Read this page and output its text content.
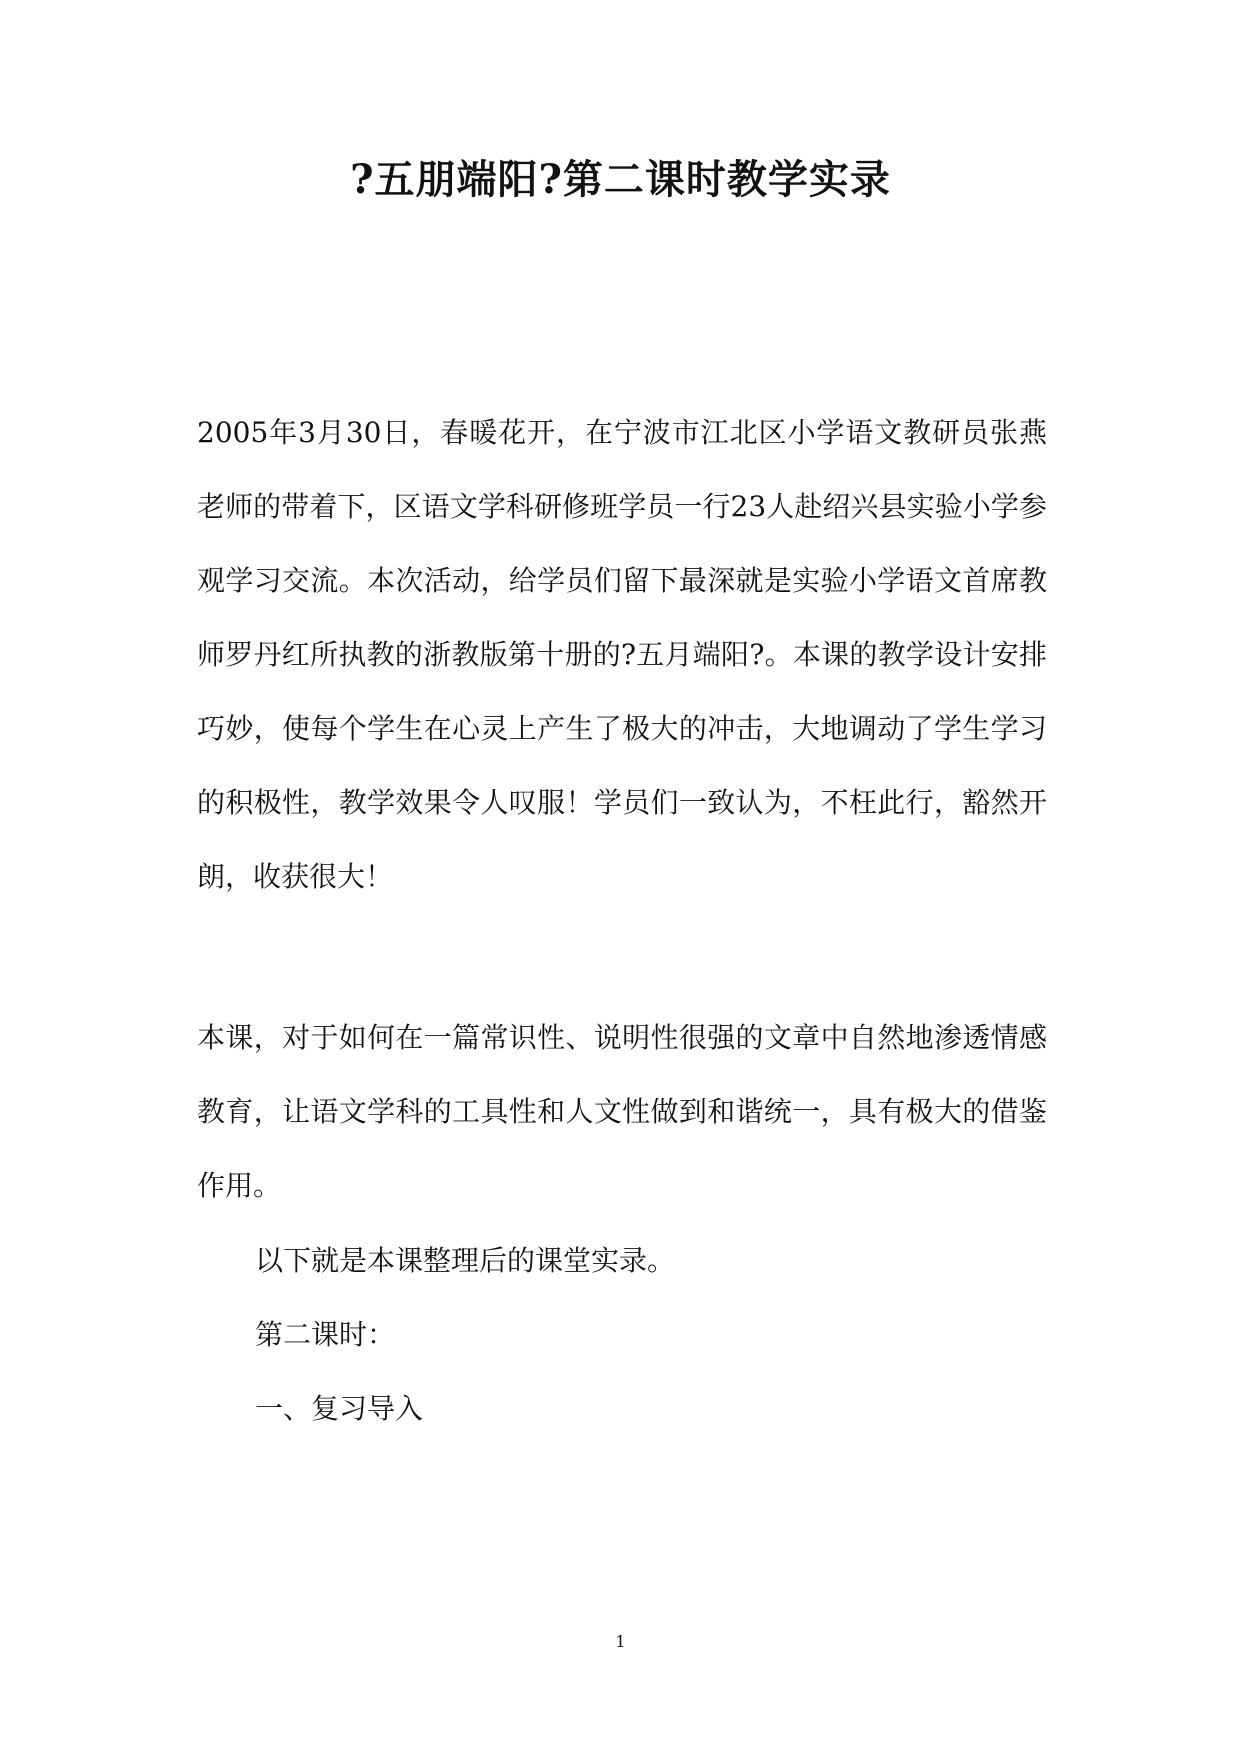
?五朋端阳?第二课时教学实录

2005年3月30日，春暖花开，在宁波市江北区小学语文教研员张燕老师的带着下，区语文学科研修班学员一行23人赴绍兴县实验小学参观学习交流。本次活动，给学员们留下最深就是实验小学语文首席教师罗丹红所执教的浙教版第十册的?五月端阳?。本课的教学设计安排巧妙，使每个学生在心灵上产生了极大的冲击，大地调动了学生学习的积极性，教学效果令人叹服！学员们一致认为，不枉此行，豁然开朗，收获很大！

本课，对于如何在一篇常识性、说明性很强的文章中自然地渗透情感教育，让语文学科的工具性和人文性做到和谐统一，具有极大的借鉴作用。

以下就是本课整理后的课堂实录。

第二课时：

一、复习导入

1
